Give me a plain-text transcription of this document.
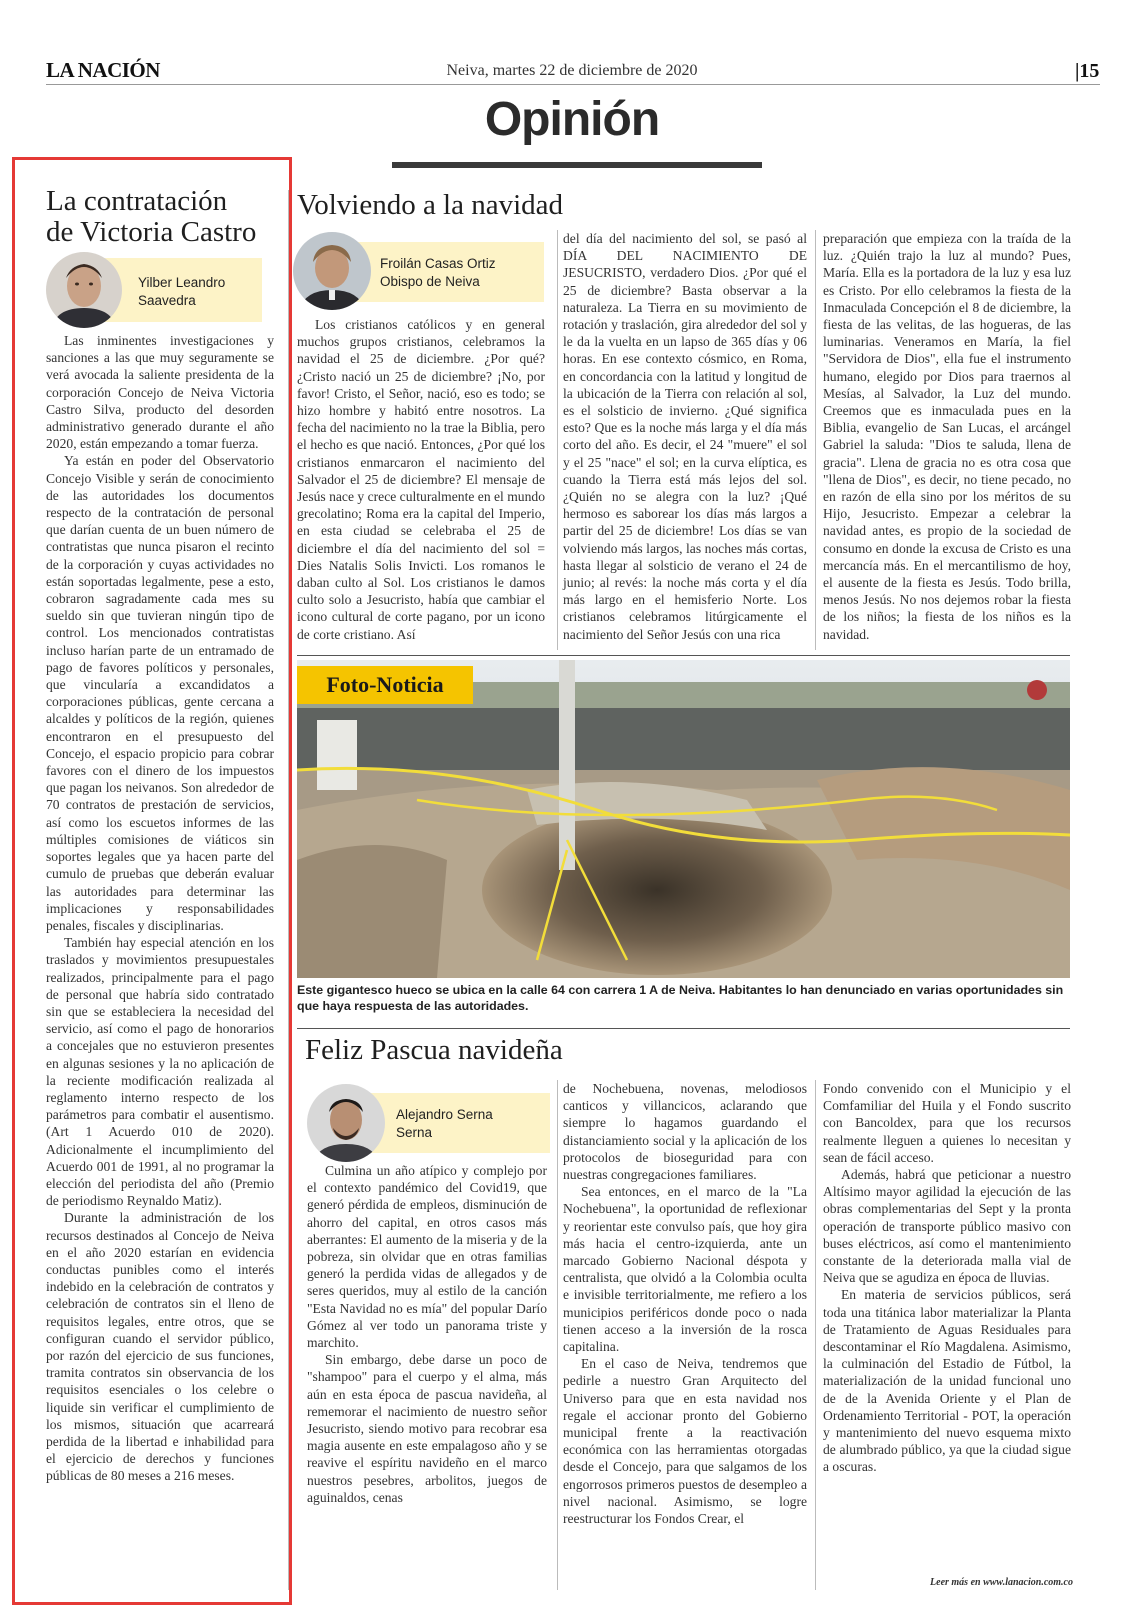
LA NACIÓN	Neiva, martes 22 de diciembre de 2020	|15
Opinión
La contratación
de Victoria Castro
Yilber Leandro
Saavedra

Las inminentes investigaciones y sanciones a las que muy seguramente se verá avocada la saliente presidenta de la corporación Concejo de Neiva Victoria Castro Silva, producto del desorden administrativo generado durante el año 2020, están empezando a tomar fuerza.

Ya están en poder del Observatorio Concejo Visible y serán de conocimiento de las autoridades los documentos respecto de la contratación de personal que darían cuenta de un buen número de contratistas que nunca pisaron el recinto de la corporación y cuyas actividades no están soportadas legalmente, pese a esto, cobraron sagradamente cada mes su sueldo sin que tuvieran ningún tipo de control. Los mencionados contratistas incluso harían parte de un entramado de pago de favores políticos y personales, que vincularía a excandidatos a corporaciones públicas, gente cercana a alcaldes y políticos de la región, quienes encontraron en el presupuesto del Concejo, el espacio propicio para cobrar favores con el dinero de los impuestos que pagan los neivanos. Son alrededor de 70 contratos de prestación de servicios, así como los escuetos informes de las múltiples comisiones de viáticos sin soportes legales que ya hacen parte del cumulo de pruebas que deberán evaluar las autoridades para determinar las implicaciones y responsabilidades penales, fiscales y disciplinarias.

También hay especial atención en los traslados y movimientos presupuestales realizados, principalmente para el pago de personal que habría sido contratado sin que se estableciera la necesidad del servicio, así como el pago de honorarios a concejales que no estuvieron presentes en algunas sesiones y la no aplicación de la reciente modificación realizada al reglamento interno respecto de los parámetros para combatir el ausentismo. (Art 1 Acuerdo 010 de 2020). Adicionalmente el incumplimiento del Acuerdo 001 de 1991, al no programar la elección del periodista del año (Premio de periodismo Reynaldo Matiz).

Durante la administración de los recursos destinados al Concejo de Neiva en el año 2020 estarían en evidencia conductas punibles como el interés indebido en la celebración de contratos y celebración de contratos sin el lleno de requisitos legales, entre otros, que se configuran cuando el servidor público, por razón del ejercicio de sus funciones, tramita contratos sin observancia de los requisitos esenciales o los celebre o liquide sin verificar el cumplimiento de los mismos, situación que acarreará perdida de la libertad e inhabilidad para el ejercicio de derechos y funciones públicas de 80 meses a 216 meses.

Volviendo a la navidad
Froilán Casas Ortiz
Obispo de Neiva

Los cristianos católicos y en general muchos grupos cristianos, celebramos la navidad el 25 de diciembre. ¿Por qué? ¿Cristo nació un 25 de diciembre? ¡No, por favor! Cristo, el Señor, nació, eso es todo; se hizo hombre y habitó entre nosotros. La fecha del nacimiento no la trae la Biblia, pero el hecho es que nació. Entonces, ¿Por qué los cristianos enmarcaron el nacimiento del Salvador el 25 de diciembre? El mensaje de Jesús nace y crece culturalmente en el mundo grecolatino; Roma era la capital del Imperio, en esta ciudad se celebraba el 25 de diciembre el día del nacimiento del sol = Dies Natalis Solis Invicti. Los romanos le daban culto al Sol. Los cristianos le damos culto solo a Jesucristo, había que cambiar el icono cultural de corte pagano, por un icono de corte cristiano. Así

del día del nacimiento del sol, se pasó al DÍA DEL NACIMIENTO DE JESUCRISTO, verdadero Dios. ¿Por qué el 25 de diciembre? Basta observar a la naturaleza. La Tierra en su movimiento de rotación y traslación, gira alrededor del sol y le da la vuelta en un lapso de 365 días y 06 horas. En ese contexto cósmico, en Roma, en concordancia con la latitud y longitud de la ubicación de la Tierra con relación al sol, es el solsticio de invierno. ¿Qué significa esto? Que es la noche más larga y el día más corto del año. Es decir, el 24 "muere" el sol y el 25 "nace" el sol; en la curva elíptica, es cuando la Tierra está más lejos del sol. ¿Quién no se alegra con la luz? ¡Qué hermoso es saborear los días más largos a partir del 25 de diciembre! Los días se van volviendo más largos, las noches más cortas, hasta llegar al solsticio de verano el 24 de junio; al revés: la noche más corta y el día más largo en el hemisferio Norte. Los cristianos celebramos litúrgicamente el nacimiento del Señor Jesús con una rica

preparación que empieza con la traída de la luz. ¿Quién trajo la luz al mundo? Pues, María. Ella es la portadora de la luz y esa luz es Cristo. Por ello celebramos la fiesta de la Inmaculada Concepción el 8 de diciembre, la fiesta de las velitas, de las hogueras, de las luminarias. Veneramos en María, la fiel "Servidora de Dios", ella fue el instrumento humano, elegido por Dios para traernos al Mesías, al Salvador, la Luz del mundo. Creemos que es inmaculada pues en la Biblia, evangelio de San Lucas, el arcángel Gabriel la saluda: "Dios te saluda, llena de gracia". Llena de gracia no es otra cosa que "llena de Dios", es decir, no tiene pecado, no en razón de ella sino por los méritos de su Hijo, Jesucristo. Empezar a celebrar la navidad antes, es propio de la sociedad de consumo en donde la excusa de Cristo es una mercancía más. En el mercantilismo de hoy, el ausente de la fiesta es Jesús. Todo brilla, menos Jesús. No nos dejemos robar la fiesta de los niños; la fiesta de los niños es la navidad.

Foto-Noticia
Este gigantesco hueco se ubica en la calle 64 con carrera 1 A de Neiva. Habitantes lo han denunciado en varias oportunidades sin que haya respuesta de las autoridades.
Feliz Pascua navideña
Alejandro Serna
Serna

Culmina un año atípico y complejo por el contexto pandémico del Covid19, que generó pérdida de empleos, disminución de ahorro del capital, en otros casos más aberrantes: El aumento de la miseria y de la pobreza, sin olvidar que en otras familias generó la perdida vidas de allegados y de seres queridos, muy al estilo de la canción "Esta Navidad no es mía" del popular Darío Gómez al ver todo un panorama triste y marchito.

Sin embargo, debe darse un poco de "shampoo" para el cuerpo y el alma, más aún en esta época de pascua navideña, al rememorar el nacimiento de nuestro señor Jesucristo, siendo motivo para recobrar esa magia ausente en este empalagoso año y se reavive el espíritu navideño en el marco nuestros pesebres, arbolitos, juegos de aguinaldos, cenas

de Nochebuena, novenas, melodiosos canticos y villancicos, aclarando que siempre lo hagamos guardando el distanciamiento social y la aplicación de los protocolos de bioseguridad para con nuestras congregaciones familiares.

Sea entonces, en el marco de la "La Nochebuena", la oportunidad de reflexionar y reorientar este convulso país, que hoy gira más hacia el centro-izquierda, ante un marcado Gobierno Nacional déspota y centralista, que olvidó a la Colombia oculta e invisible territorialmente, me refiero a los municipios periféricos donde poco o nada tienen acceso a la inversión de la rosca capitalina.

En el caso de Neiva, tendremos que pedirle a nuestro Gran Arquitecto del Universo para que en esta navidad nos regale el accionar pronto del Gobierno municipal frente a la reactivación económica con las herramientas otorgadas desde el Concejo, para que salgamos de los engorrosos primeros puestos de desempleo a nivel nacional. Asimismo, se logre reestructurar los Fondos Crear, el

Fondo convenido con el Municipio y el Comfamiliar del Huila y el Fondo suscrito con Bancoldex, para que los recursos realmente lleguen a quienes lo necesitan y sean de fácil acceso.

Además, habrá que peticionar a nuestro Altísimo mayor agilidad la ejecución de las obras complementarias del Sept y la pronta operación de transporte público masivo con buses eléctricos, así como el mantenimiento constante de la deteriorada malla vial de Neiva que se agudiza en época de lluvias.

En materia de servicios públicos, será toda una titánica labor materializar la Planta de Tratamiento de Aguas Residuales para descontaminar el Río Magdalena. Asimismo, la culminación del Estadio de Fútbol, la materialización de la unidad funcional uno de de la Avenida Oriente y el Plan de Ordenamiento Territorial - POT, la operación y mantenimiento del nuevo esquema mixto de alumbrado público, ya que la ciudad sigue a oscuras.

Leer más en www.lanacion.com.co
